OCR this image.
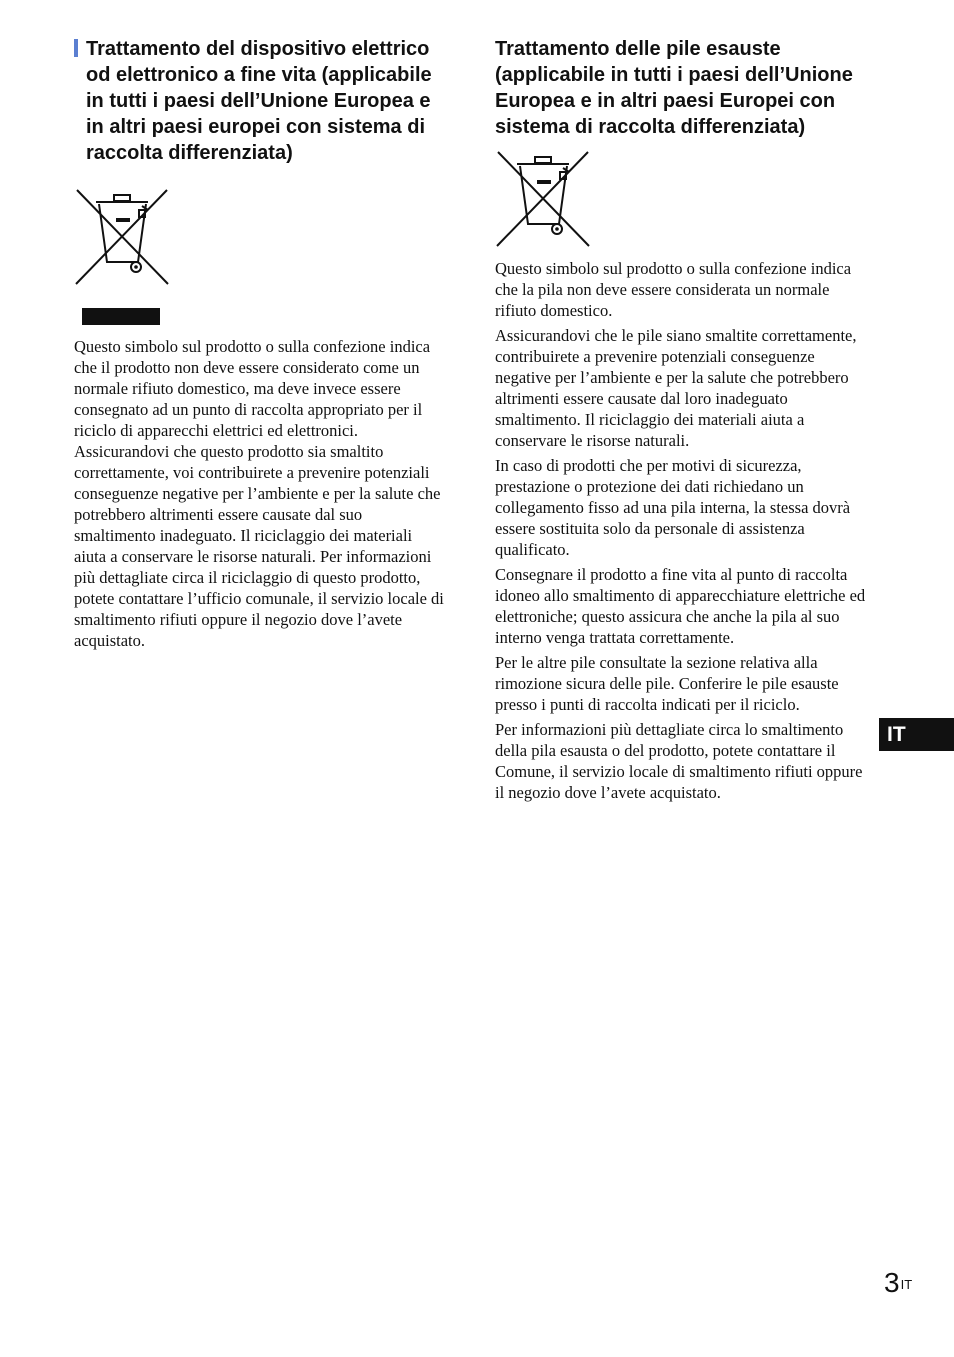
Trattamento del dispositivo elettrico od elettronico a fine vita (applicabile in tutti i paesi dell’Unione Europea e in altri paesi europei con sistema di raccolta differenziata)

Questo simbolo sul prodotto o sulla confezione indica che il prodotto non deve essere considerato come un normale rifiuto domestico, ma deve invece essere consegnato ad un punto di raccolta appropriato per il riciclo di apparecchi elettrici ed elettronici. Assicurandovi che questo prodotto sia smaltito correttamente, voi contribuirete a prevenire potenziali conseguenze negative per l’ambiente e per la salute che potrebbero altrimenti essere causate dal suo smaltimento inadeguato. Il riciclaggio dei materiali aiuta a conservare le risorse naturali. Per informazioni più dettagliate circa il riciclaggio di questo prodotto, potete contattare l’ufficio comunale, il servizio locale di smaltimento rifiuti oppure il negozio dove l’avete acquistato.

Trattamento delle pile esauste (applicabile in tutti i paesi dell’Unione Europea e in altri paesi Europei con sistema di raccolta differenziata)

Questo simbolo sul prodotto o sulla confezione indica che la pila non deve essere considerata un normale rifiuto domestico.

Assicurandovi che le pile siano smaltite correttamente, contribuirete a prevenire potenziali conseguenze negative per l’ambiente e per la salute che potrebbero altrimenti essere causate dal loro inadeguato smaltimento. Il riciclaggio dei materiali aiuta a conservare le risorse naturali.

In caso di prodotti che per motivi di sicurezza, prestazione o protezione dei dati richiedano un collegamento fisso ad una pila interna, la stessa dovrà essere sostituita solo da personale di assistenza qualificato.

Consegnare il prodotto a fine vita al punto di raccolta idoneo allo smaltimento di apparecchiature elettriche ed elettroniche; questo assicura che anche la pila al suo interno venga trattata correttamente.

Per le altre pile consultate la sezione relativa alla rimozione sicura delle pile. Conferire le pile esauste presso i punti di raccolta indicati per il riciclo.

Per informazioni più dettagliate circa lo smaltimento della pila esausta o del prodotto, potete contattare il Comune, il servizio locale di smaltimento rifiuti oppure il negozio dove l’avete acquistato.

IT
$3^{IT}$
